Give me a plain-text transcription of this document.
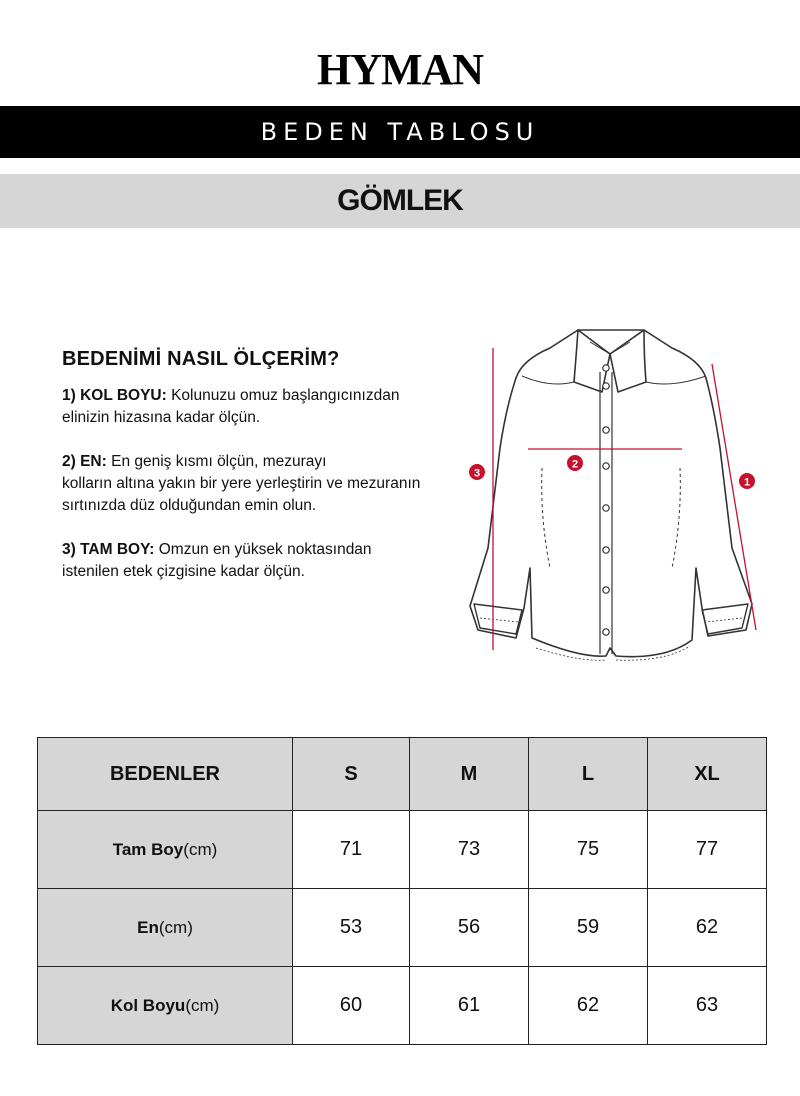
HYMAN
BEDEN TABLOSU
GÖMLEK
BEDENİMİ NASIL ÖLÇERİM?
1) KOL BOYU: Kolunuzu omuz başlangıcınızdan
elinizin hizasına kadar ölçün.
2) EN: En geniş kısmı ölçün, mezurayı
kolların altına yakın bir yere yerleştirin ve mezuranın
sırtınızda düz olduğundan emin olun.
3) TAM BOY: Omzun en yüksek noktasından
istenilen etek çizgisine kadar ölçün.
1
2
3
BEDENLER	S	M	L	XL
Tam Boy(cm)	71	73	75	77
En(cm)	53	56	59	62
Kol Boyu(cm)	60	61	62	63
